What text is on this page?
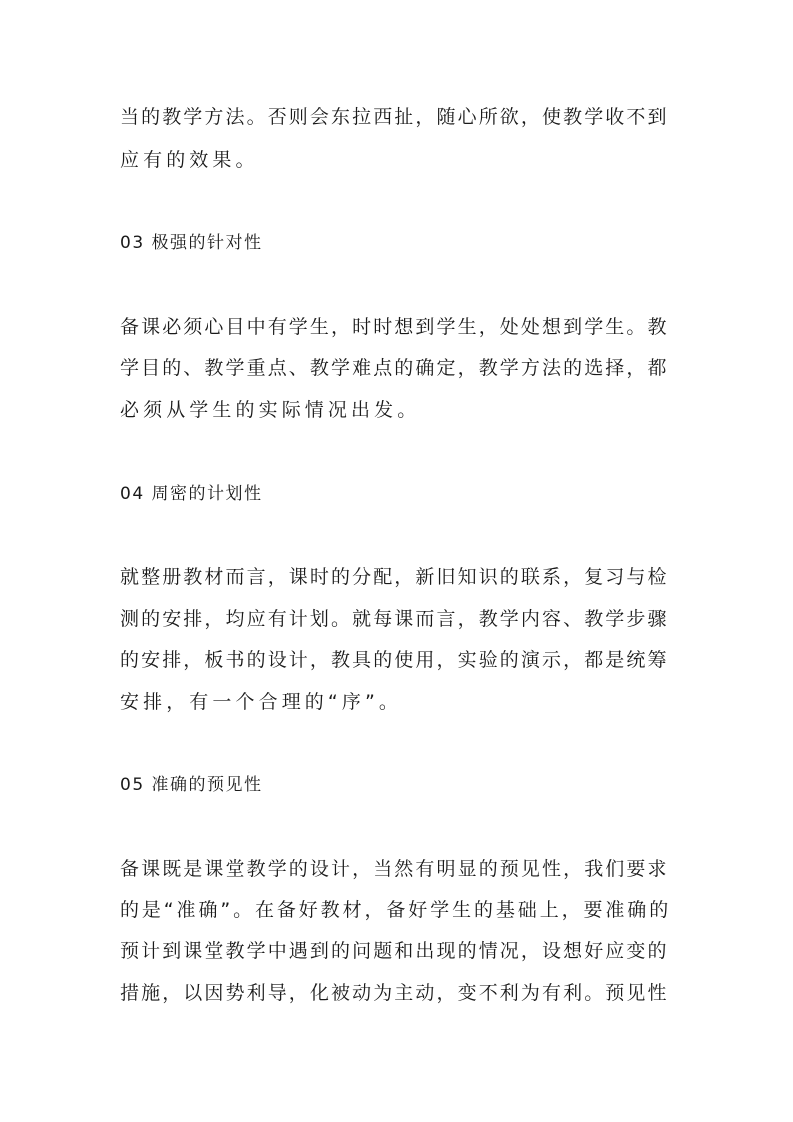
当的教学方法。否则会东拉西扯，随心所欲，使教学收不到
应有的效果。
03 极强的针对性
备课必须心目中有学生，时时想到学生，处处想到学生。教
学目的、教学重点、教学难点的确定，教学方法的选择，都
必须从学生的实际情况出发。
04 周密的计划性
就整册教材而言，课时的分配，新旧知识的联系，复习与检
测的安排，均应有计划。就每课而言，教学内容、教学步骤
的安排，板书的设计，教具的使用，实验的演示，都是统筹
安排，有一个合理的“序”。
05 准确的预见性
备课既是课堂教学的设计，当然有明显的预见性，我们要求
的是“准确”。在备好教材，备好学生的基础上，要准确的
预计到课堂教学中遇到的问题和出现的情况，设想好应变的
措施，以因势利导，化被动为主动，变不利为有利。预见性
